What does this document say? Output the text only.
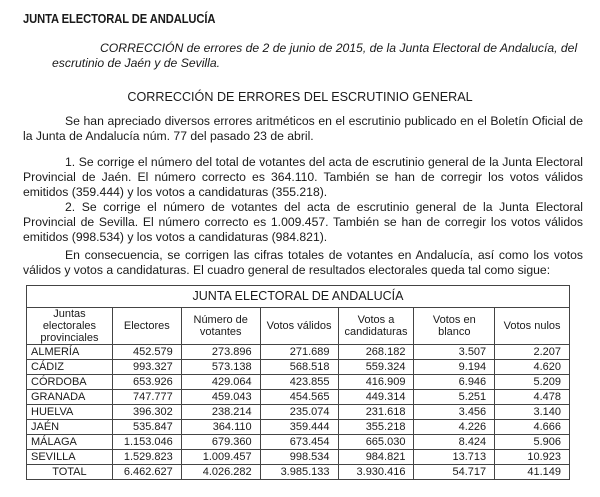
JUNTA ELECTORAL DE ANDALUCÍA
CORRECCIÓN de errores de 2 de junio de 2015, de la Junta Electoral de Andalucía, del escrutinio de Jaén y de Sevilla.
CORRECCIÓN DE ERRORES DEL ESCRUTINIO GENERAL
Se han apreciado diversos errores aritméticos en el escrutinio publicado en el Boletín Oficial de la Junta de Andalucía núm. 77 del pasado 23 de abril.
1. Se corrige el número del total de votantes del acta de escrutinio general de la Junta Electoral Provincial de Jaén. El número correcto es 364.110. También se han de corregir los votos válidos emitidos (359.444) y los votos a candidaturas (355.218).
2. Se corrige el número de votantes del acta de escrutinio general de la Junta Electoral Provincial de Sevilla. El número correcto es 1.009.457. También se han de corregir los votos válidos emitidos (998.534) y los votos a candidaturas (984.821).
En consecuencia, se corrigen las cifras totales de votantes en Andalucía, así como los votos válidos y votos a candidaturas. El cuadro general de resultados electorales queda tal como sigue:
JUNTA ELECTORAL DE ANDALUCÍA						
Juntas electorales provinciales	Electores	Número de votantes	Votos válidos	Votos a candidaturas	Votos en blanco	Votos nulos
ALMERÍA	452.579	273.896	271.689	268.182	3.507	2.207
CÁDIZ	993.327	573.138	568.518	559.324	9.194	4.620
CÓRDOBA	653.926	429.064	423.855	416.909	6.946	5.209
GRANADA	747.777	459.043	454.565	449.314	5.251	4.478
HUELVA	396.302	238.214	235.074	231.618	3.456	3.140
JAÉN	535.847	364.110	359.444	355.218	4.226	4.666
MÁLAGA	1.153.046	679.360	673.454	665.030	8.424	5.906
SEVILLA	1.529.823	1.009.457	998.534	984.821	13.713	10.923
TOTAL	6.462.627	4.026.282	3.985.133	3.930.416	54.717	41.149
